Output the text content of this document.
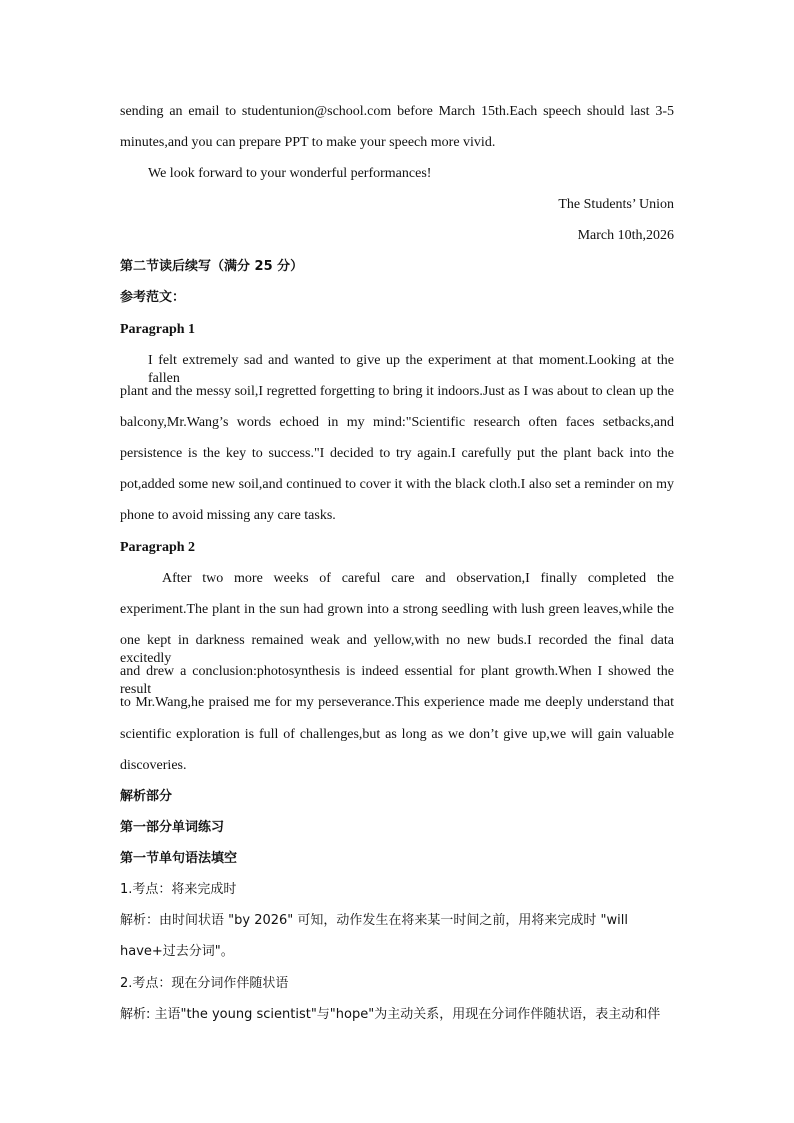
sending an email to studentunion@school.com before March 15th.Each speech should last 3-5
minutes,and you can prepare PPT to make your speech more vivid.
We look forward to your wonderful performances!
The Students’ Union
March 10th,2026
第二节读后续写（满分 25 分）
参考范文：
Paragraph 1
I felt extremely sad and wanted to give up the experiment at that moment.Looking at the fallen
plant and the messy soil,I regretted forgetting to bring it indoors.Just as I was about to clean up the
balcony,Mr.Wang’s words echoed in my mind:"Scientific research often faces setbacks,and
persistence is the key to success."I decided to try again.I carefully put the plant back into the
pot,added some new soil,and continued to cover it with the black cloth.I also set a reminder on my
phone to avoid missing any care tasks.
Paragraph 2
After two more weeks of careful care and observation,I finally completed the
experiment.The plant in the sun had grown into a strong seedling with lush green leaves,while the
one kept in darkness remained weak and yellow,with no new buds.I recorded the final data excitedly
and drew a conclusion:photosynthesis is indeed essential for plant growth.When I showed the result
to Mr.Wang,he praised me for my perseverance.This experience made me deeply understand that
scientific exploration is full of challenges,but as long as we don’t give up,we will gain valuable
discoveries.
解析部分
第一部分单词练习
第一节单句语法填空
1.考点：将来完成时
解析：由时间状语 "by 2026" 可知，动作发生在将来某一时间之前，用将来完成时 "will
have+过去分词"。
2.考点：现在分词作伴随状语
解析: 主语"the young scientist"与"hope"为主动关系，用现在分词作伴随状语，表主动和伴
